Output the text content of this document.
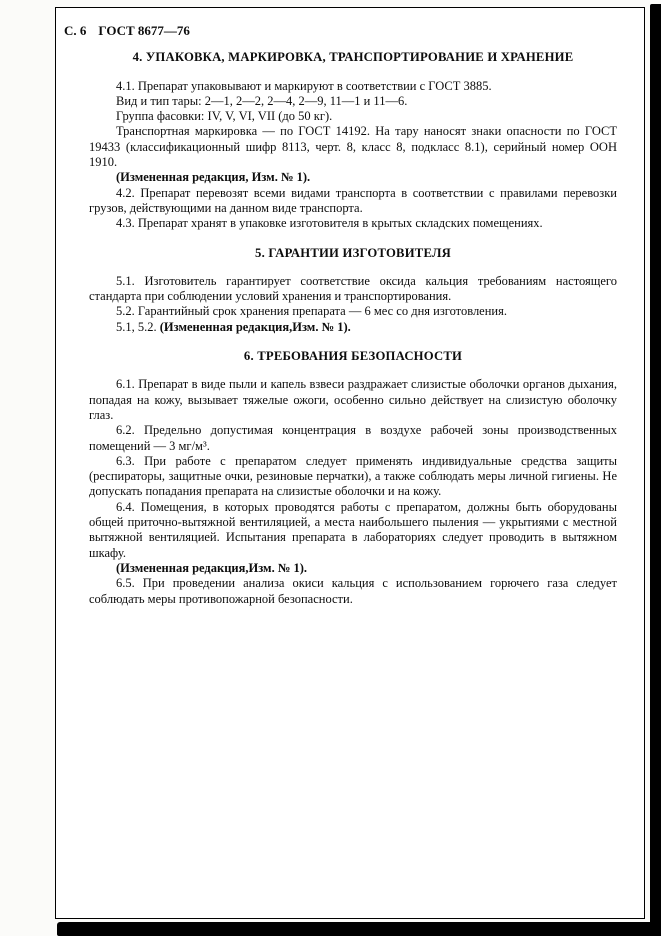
С. 6 ГОСТ 8677—76
4. УПАКОВКА, МАРКИРОВКА, ТРАНСПОРТИРОВАНИЕ И ХРАНЕНИЕ

4.1. Препарат упаковывают и маркируют в соответствии с ГОСТ 3885.

Вид и тип тары: 2—1, 2—2, 2—4, 2—9, 11—1 и 11—6.

Группа фасовки: IV, V, VI, VII (до 50 кг).

Транспортная маркировка — по ГОСТ 14192. На тару наносят знаки опасности по ГОСТ 19433 (классификационный шифр 8113, черт. 8, класс 8, подкласс 8.1), серийный номер ООН 1910.

(Измененная редакция, Изм. № 1).

4.2. Препарат перевозят всеми видами транспорта в соответствии с правилами перевозки грузов, действующими на данном виде транспорта.

4.3. Препарат хранят в упаковке изготовителя в крытых складских помещениях.

5. ГАРАНТИИ ИЗГОТОВИТЕЛЯ

5.1. Изготовитель гарантирует соответствие оксида кальция требованиям настоящего стандарта при соблюдении условий хранения и транспортирования.

5.2. Гарантийный срок хранения препарата — 6 мес со дня изготовления.

5.1, 5.2. (Измененная редакция,Изм. № 1).

6. ТРЕБОВАНИЯ БЕЗОПАСНОСТИ

6.1. Препарат в виде пыли и капель взвеси раздражает слизистые оболочки органов дыхания, попадая на кожу, вызывает тяжелые ожоги, особенно сильно действует на слизистую оболочку глаз.

6.2. Предельно допустимая концентрация в воздухе рабочей зоны производственных помещений — 3 мг/м³.

6.3. При работе с препаратом следует применять индивидуальные средства защиты (респираторы, защитные очки, резиновые перчатки), а также соблюдать меры личной гигиены. Не допускать попадания препарата на слизистые оболочки и на кожу.

6.4. Помещения, в которых проводятся работы с препаратом, должны быть оборудованы общей приточно-вытяжной вентиляцией, а места наибольшего пыления — укрытиями с местной вытяжной вентиляцией. Испытания препарата в лабораториях следует проводить в вытяжном шкафу.

(Измененная редакция,Изм. № 1).

6.5. При проведении анализа окиси кальция с использованием горючего газа следует соблюдать меры противопожарной безопасности.
